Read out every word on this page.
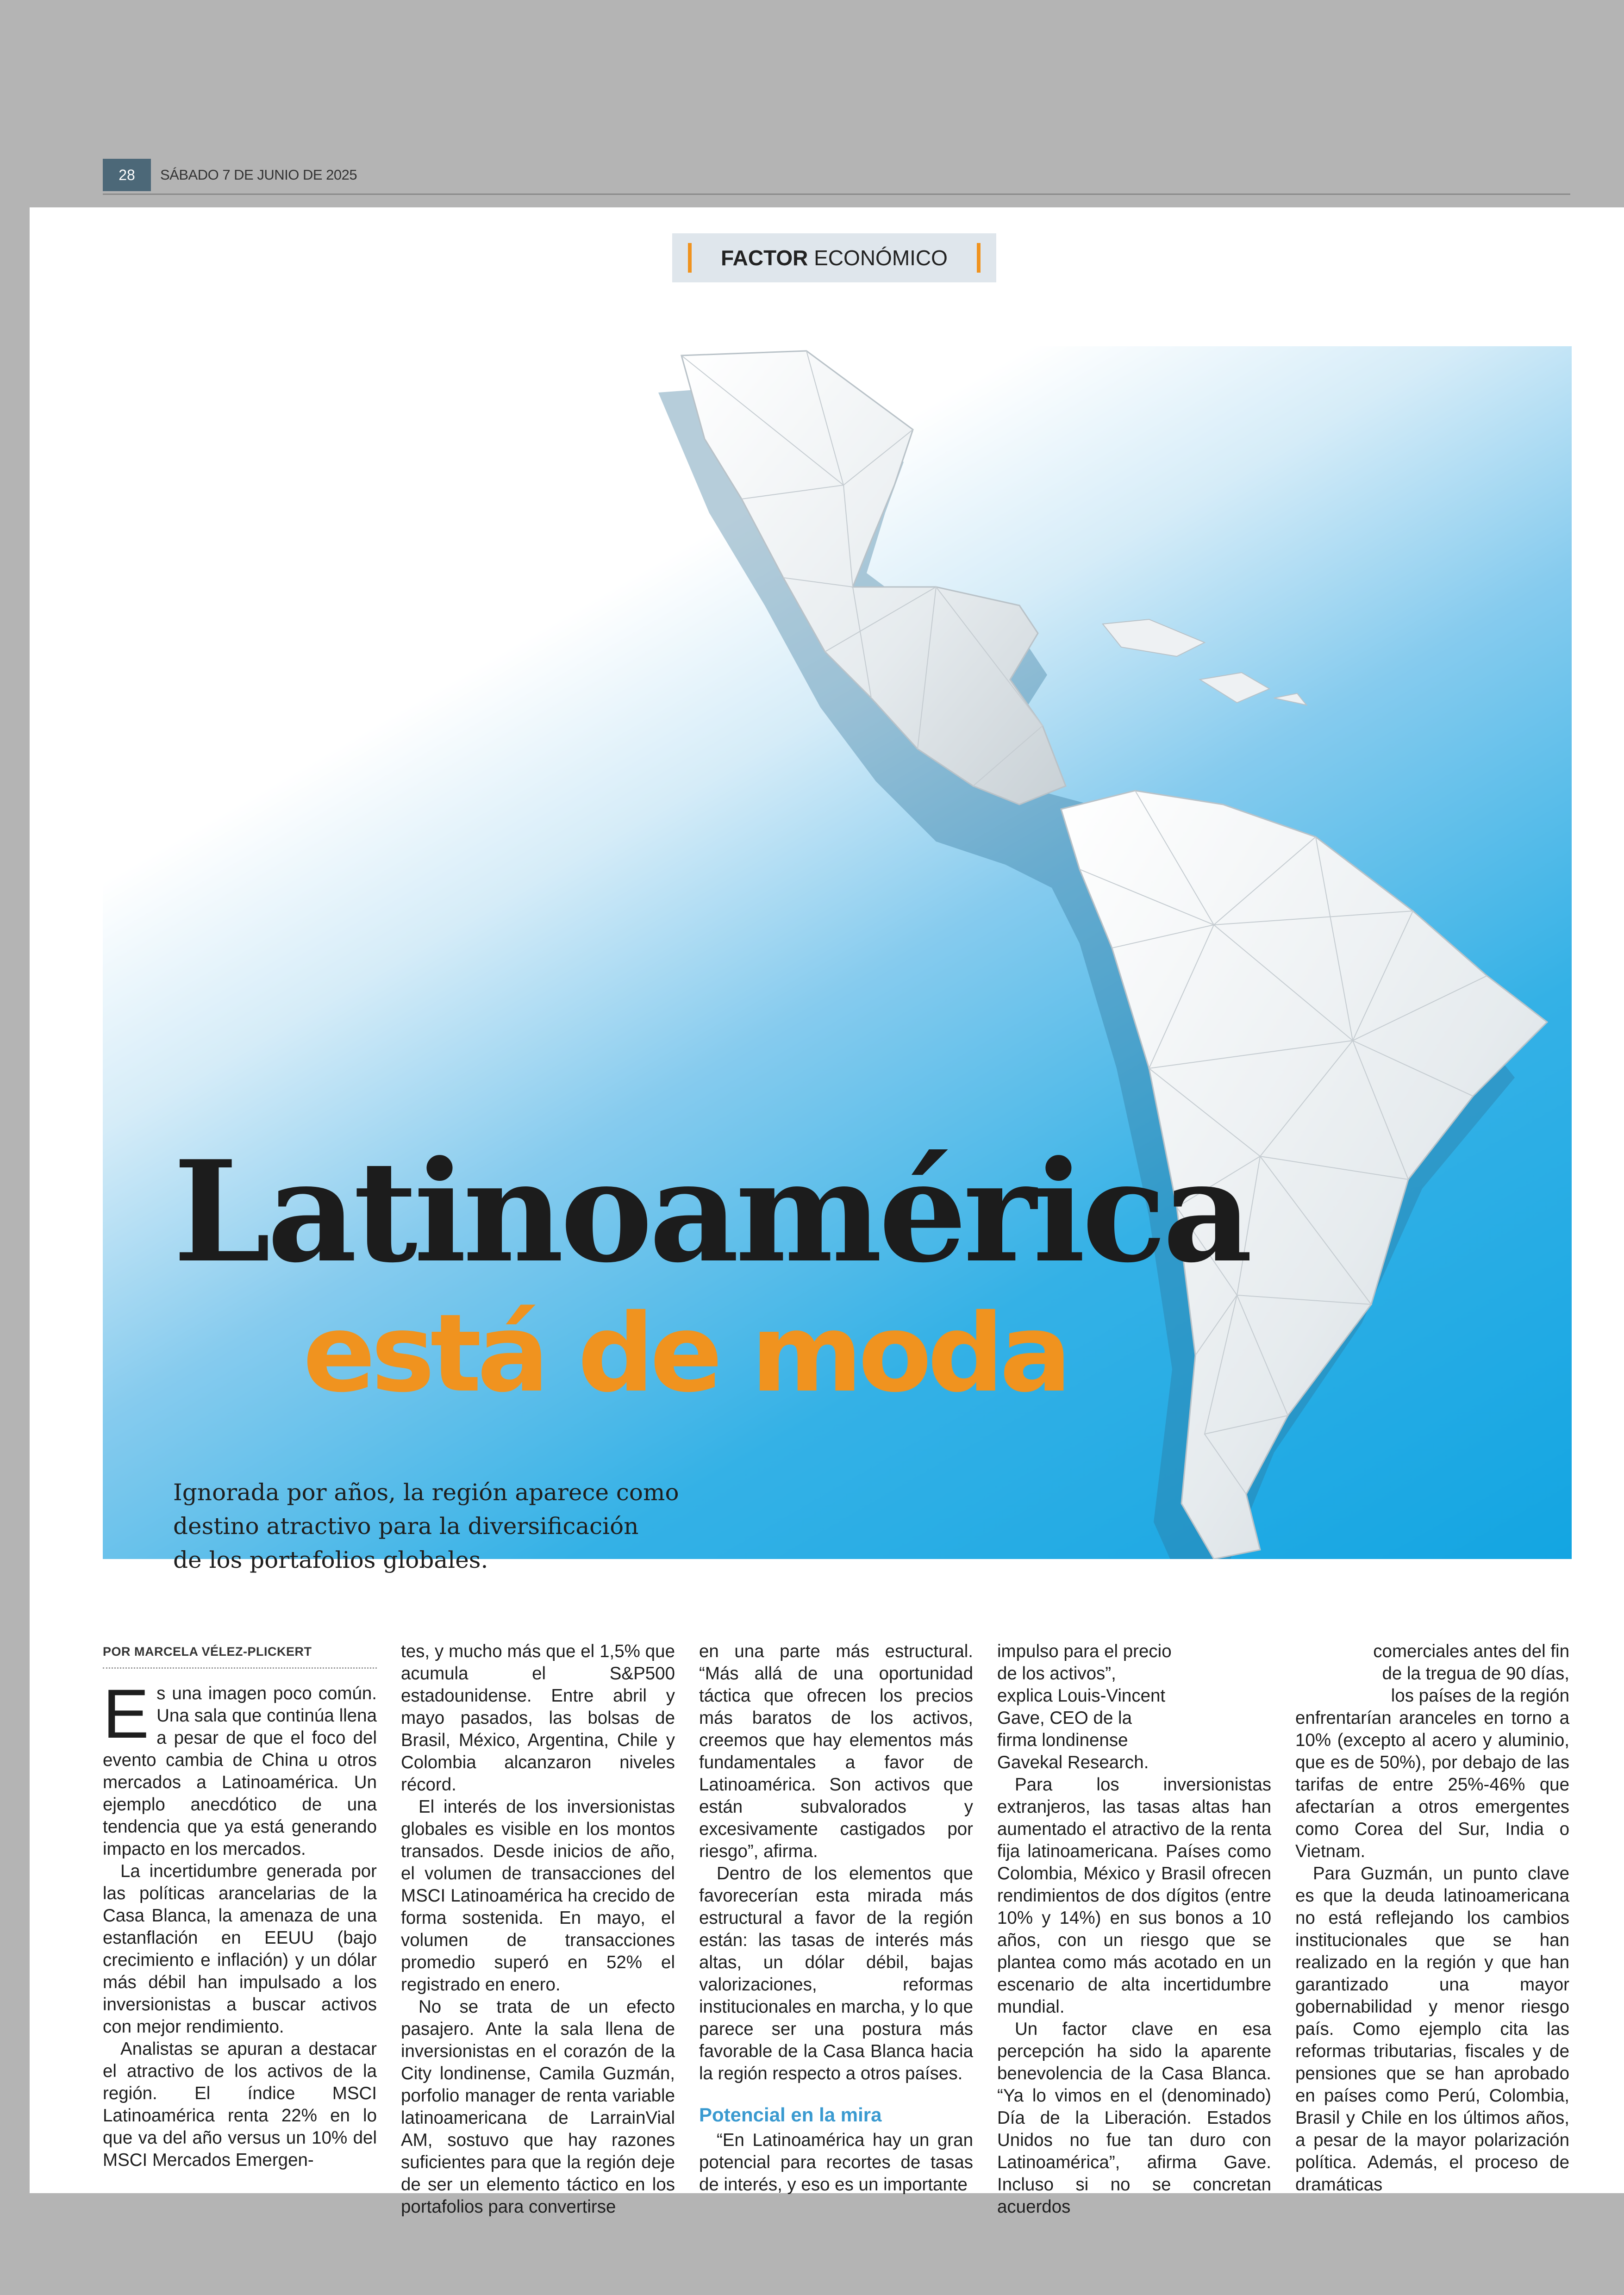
28	SÁBADO 7 DE JUNIO DE 2025
FACTOR ECONÓMICO
Latinoamérica
está de moda

Ignorada por años, la región aparece como
destino atractivo para la diversificación
de los portafolios globales.

POR MARCELA VÉLEZ-PLICKERT
E s una imagen poco común. Una sala que continúa llena a pesar de que el foco del evento cambia de China u otros mercados a Latinoamérica. Un ejemplo anecdótico de una tendencia que ya está generando impacto en los mercados.

La incertidumbre generada por las políticas arancelarias de la Casa Blanca, la amenaza de una estanflación en EEUU (bajo crecimiento e inflación) y un dólar más débil han impulsado a los inversionistas a buscar activos con mejor rendimiento.

Analistas se apuran a destacar el atractivo de los activos de la región. El índice MSCI Latinoamérica renta 22% en lo que va del año versus un 10% del MSCI Mercados Emergen-

tes, y mucho más que el 1,5% que acumula el S&P500 estadounidense. Entre abril y mayo pasados, las bolsas de Brasil, México, Argentina, Chile y Colombia alcanzaron niveles récord.

El interés de los inversionistas globales es visible en los montos transados. Desde inicios de año, el volumen de transacciones del MSCI Latinoamérica ha crecido de forma sostenida. En mayo, el volumen de transacciones promedio superó en 52% el registrado en enero.

No se trata de un efecto pasajero. Ante la sala llena de inversionistas en el corazón de la City londinense, Camila Guzmán, porfolio manager de renta variable latinoamericana de LarrainVial AM, sostuvo que hay razones suficientes para que la región deje de ser un elemento táctico en los portafolios para convertirse

en una parte más estructural. “Más allá de una oportunidad táctica que ofrecen los precios más baratos de los activos, creemos que hay elementos más fundamentales a favor de Latinoamérica. Son activos que están subvalorados y excesivamente castigados por riesgo”, afirma.

Dentro de los elementos que favorecerían esta mirada más estructural a favor de la región están: las tasas de interés más altas, un dólar débil, bajas valorizaciones, reformas institucionales en marcha, y lo que parece ser una postura más favorable de la Casa Blanca hacia la región respecto a otros países.

Potencial en la mira

“En Latinoamérica hay un gran potencial para recortes de tasas de interés, y eso es un importante

impulso para el precio de los activos”, explica Louis-Vincent Gave, CEO de la firma londinense Gavekal Research.

Para los inversionistas extranjeros, las tasas altas han aumentado el atractivo de la renta fija latinoamericana. Países como Colombia, México y Brasil ofrecen rendimientos de dos dígitos (entre 10% y 14%) en sus bonos a 10 años, con un riesgo que se plantea como más acotado en un escenario de alta incertidumbre mundial.

Un factor clave en esa percepción ha sido la aparente benevolencia de la Casa Blanca. “Ya lo vimos en el (denominado) Día de la Liberación. Estados Unidos no fue tan duro con Latinoamérica”, afirma Gave. Incluso si no se concretan acuerdos

comerciales antes del fin

de la tregua de 90 días,

los países de la región

enfrentarían aranceles en torno a 10% (excepto al acero y aluminio, que es de 50%), por debajo de las tarifas de entre 25%-46% que afectarían a otros emergentes como Corea del Sur, India o Vietnam.

Para Guzmán, un punto clave es que la deuda latinoamericana no está reflejando los cambios institucionales que se han realizado en la región y que han garantizado una mayor gobernabilidad y menor riesgo país. Como ejemplo cita las reformas tributarias, fiscales y de pensiones que se han aprobado en países como Perú, Colombia, Brasil y Chile en los últimos años, a pesar de la mayor polarización política. Además, el proceso de dramáticas
